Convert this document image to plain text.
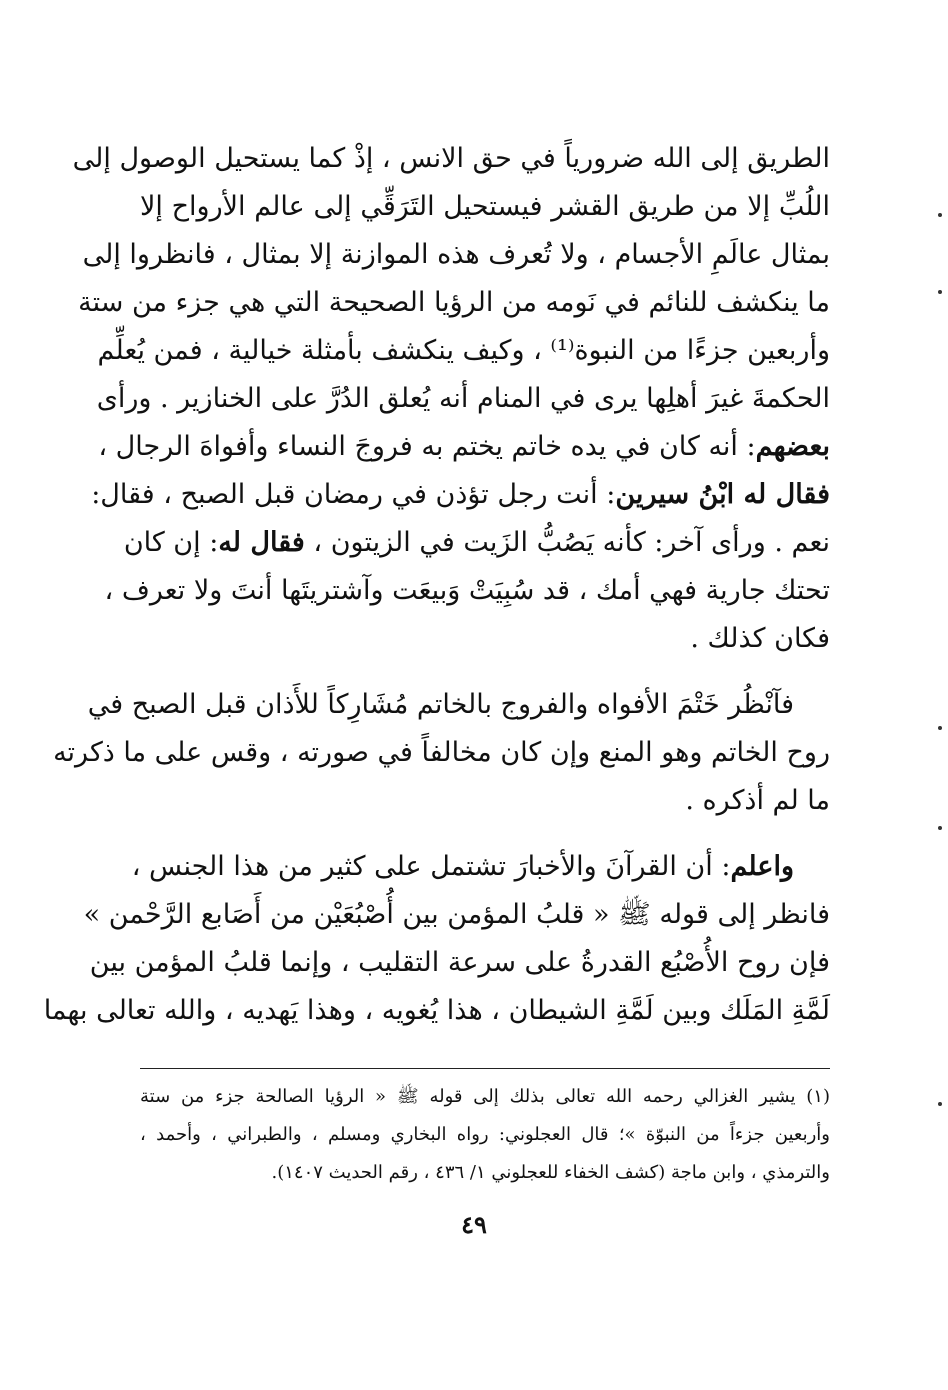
الطريق إلى الله ضرورياً في حق الانس ، إذْ كما يستحيل الوصول إلى
اللُبِّ إلا من طريق القشر فيستحيل التَرَقِّي إلى عالم الأرواح إلا
بمثال عالَمِ الأجسام ، ولا تُعرف هذه الموازنة إلا بمثال ، فانظروا إلى
ما ينكشف للنائم في نَومه من الرؤيا الصحيحة التي هي جزء من ستة
وأربعين جزءًا من النبوة⁽¹⁾ ، وكيف ينكشف بأمثلة خيالية ، فمن يُعلِّم
الحكمةَ غيرَ أهلِها يرى في المنام أنه يُعلق الدُرَّ على الخنازير . ورأى
بعضهم: أنه كان في يده خاتم يختم به فروجَ النساء وأفواهَ الرجال ،
فقال له ابْنُ سيرين: أنت رجل تؤذن في رمضان قبل الصبح ، فقال:
نعم . ورأى آخر: كأنه يَصُبُّ الزَيت في الزيتون ، فقال له: إن كان
تحتك جارية فهي أمك ، قد سُبِيَتْ وَبيعَت وآشتريتَها أنتَ ولا تعرف ،
فكان كذلك .

فآنْظُر خَتْمَ الأفواه والفروج بالخاتم مُشَارِكاً للأَذان قبل الصبح في
روح الخاتم وهو المنع وإن كان مخالفاً في صورته ، وقس على ما ذكرته
ما لم أذكره .

واعلم: أن القرآنَ والأخبارَ تشتمل على كثير من هذا الجنس ،
فانظر إلى قوله ﷺ « قلبُ المؤمن بين أُصْبُعَيْن من أَصَابع الرَّحْمن »
فإن روح الأُصْبُع القدرةُ على سرعة التقليب ، وإنما قلبُ المؤمن بين
لَمَّةِ المَلَك وبين لَمَّةِ الشيطان ، هذا يُغويه ، وهذا يَهديه ، والله تعالى بهما

(١) يشير الغزالي رحمه الله تعالى بذلك إلى قوله ﷺ « الرؤيا الصالحة جزء من ستة
وأربعين جزءاً من النبوّة »؛ قال العجلوني: رواه البخاري ومسلم ، والطبراني ، وأحمد ،
والترمذي ، وابن ماجة (كشف الخفاء للعجلوني ١/ ٤٣٦ ، رقم الحديث ١٤٠٧).
٤٩
